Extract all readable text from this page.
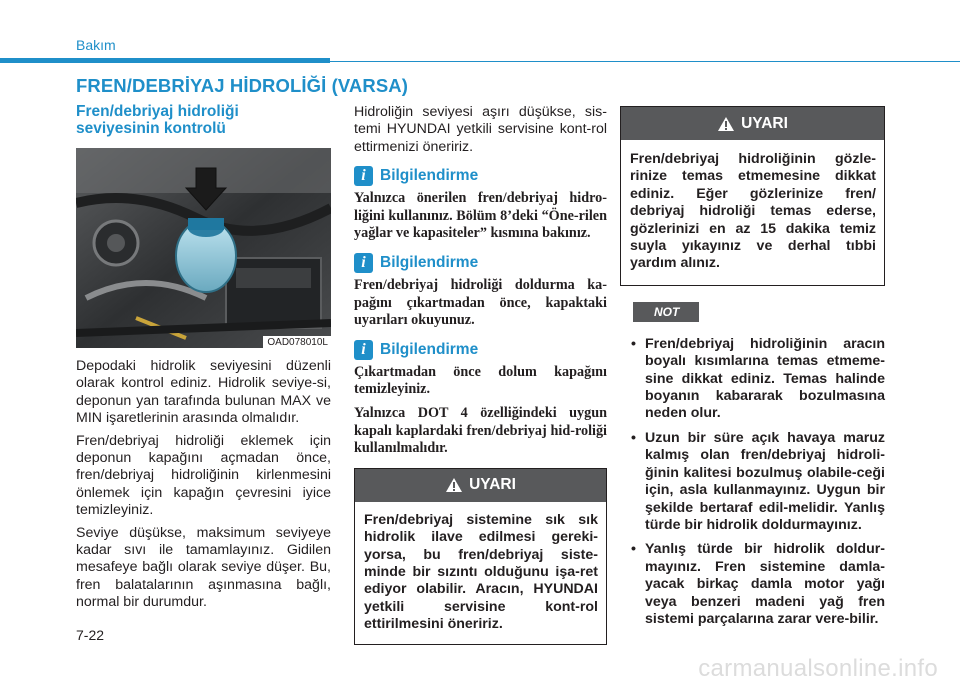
Bakım
FREN/DEBRİYAJ HİDROLİĞİ (VARSA)
Fren/debriyaj hidroliği
seviyesinin kontrolü
OAD078010L

Depodaki hidrolik seviyesini düzenli olarak kontrol ediniz. Hidrolik seviye-si, deponun yan tarafında bulunan MAX ve MIN işaretlerinin arasında olmalıdır.

Fren/debriyaj hidroliği eklemek için deponun kapağını açmadan önce, fren/debriyaj hidroliğinin kirlenmesini önlemek için kapağın çevresini iyice temizleyiniz.

Seviye düşükse, maksimum seviyeye kadar sıvı ile tamamlayınız. Gidilen mesafeye bağlı olarak seviye düşer. Bu, fren balatalarının aşınmasına bağlı, normal bir durumdur.

Hidroliğin seviyesi aşırı düşükse, sis-temi HYUNDAI yetkili servisine kont-rol ettirmenizi öneririz.

i Bilgilendirme

Yalnızca önerilen fren/debriyaj hidro-liğini kullanınız. Bölüm 8’deki “Öne-rilen yağlar ve kapasiteler” kısmına bakınız.

i Bilgilendirme

Fren/debriyaj hidroliği doldurma ka-pağını çıkartmadan önce, kapaktaki uyarıları okuyunuz.

i Bilgilendirme

Çıkartmadan önce dolum kapağını temizleyiniz.

Yalnızca DOT 4 özelliğindeki uygun kapalı kaplardaki fren/debriyaj hid-roliği kullanılmalıdır.

UYARI
Fren/debriyaj sistemine sık sık hidrolik ilave edilmesi gereki-yorsa, bu fren/debriyaj siste-minde bir sızıntı olduğunu işa-ret ediyor olabilir. Aracın, HYUNDAI yetkili servisine kont-rol ettirilmesini öneririz.
UYARI
Fren/debriyaj hidroliğinin gözle-rinize temas etmemesine dikkat ediniz. Eğer gözlerinize fren/ debriyaj hidroliği temas ederse, gözlerinizi en az 15 dakika temiz suyla yıkayınız ve derhal tıbbi yardım alınız.
NOT
• Fren/debriyaj hidroliğinin aracın boyalı kısımlarına temas etmeme-sine dikkat ediniz. Temas halinde boyanın kabararak bozulmasına neden olur.
• Uzun bir süre açık havaya maruz kalmış olan fren/debriyaj hidroli-ğinin kalitesi bozulmuş olabile-ceği için, asla kullanmayınız. Uygun bir şekilde bertaraf edil-melidir. Yanlış türde bir hidrolik doldurmayınız.
• Yanlış türde bir hidrolik doldur-mayınız. Fren sistemine damla-yacak birkaç damla motor yağı veya benzeri madeni yağ fren sistemi parçalarına zarar vere-bilir.
7-22
carmanualsonline.info
